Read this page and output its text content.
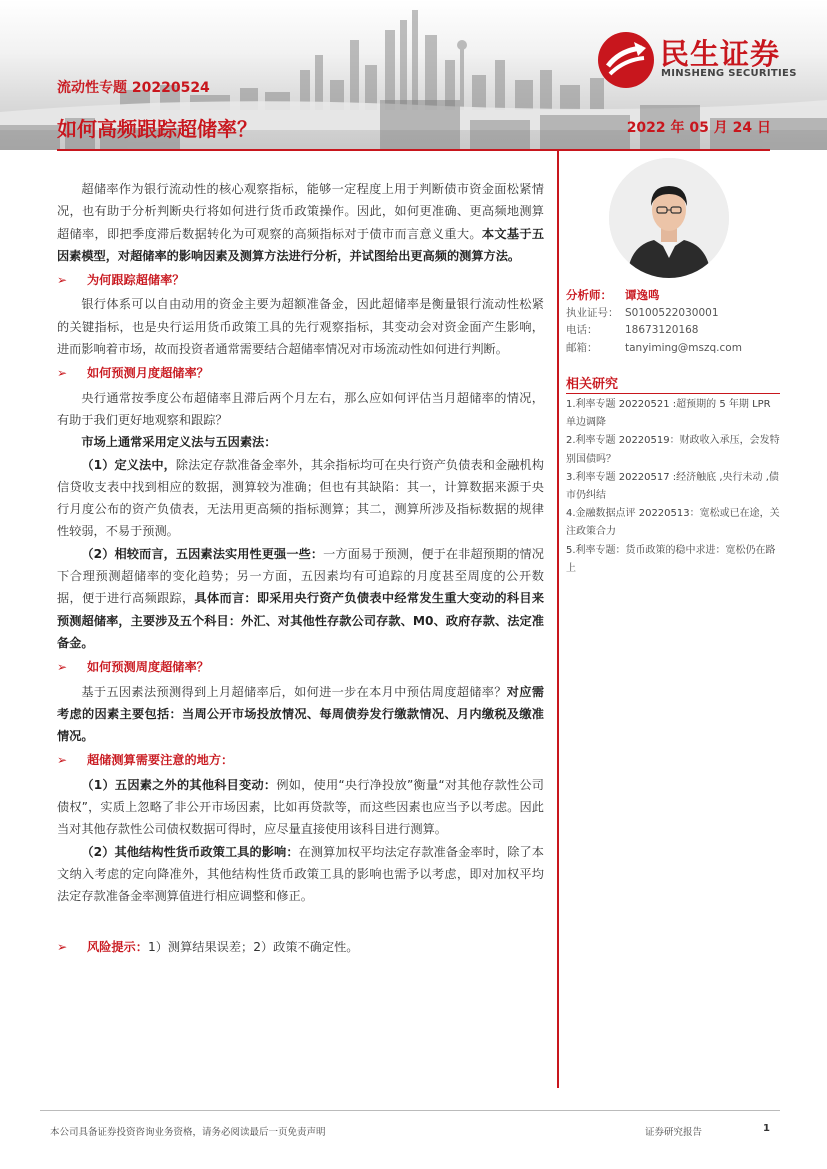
民生证券
MINSHENG SECURITIES
流动性专题 20220524
如何高频跟踪超储率？	2022 年 05 月 24 日

超储率作为银行流动性的核心观察指标，能够一定程度上用于判断债市资金面松紧情况，也有助于分析判断央行将如何进行货币政策操作。因此，如何更准确、更高频地测算超储率，即把季度滞后数据转化为可观察的高频指标对于债市而言意义重大。本文基于五因素模型，对超储率的影响因素及测算方法进行分析，并试图给出更高频的测算方法。

➢ 为何跟踪超储率？

银行体系可以自由动用的资金主要为超额准备金，因此超储率是衡量银行流动性松紧的关键指标，也是央行运用货币政策工具的先行观察指标，其变动会对资金面产生影响，进而影响着市场，故而投资者通常需要结合超储率情况对市场流动性如何进行判断。

➢ 如何预测月度超储率？

央行通常按季度公布超储率且滞后两个月左右，那么应如何评估当月超储率的情况，有助于我们更好地观察和跟踪？

市场上通常采用定义法与五因素法：

（1）定义法中，除法定存款准备金率外，其余指标均可在央行资产负债表和金融机构信贷收支表中找到相应的数据，测算较为准确；但也有其缺陷：其一，计算数据来源于央行月度公布的资产负债表，无法用更高频的指标测算；其二，测算所涉及指标数据的规律性较弱，不易于预测。

（2）相较而言，五因素法实用性更强一些：一方面易于预测，便于在非超预期的情况下合理预测超储率的变化趋势；另一方面，五因素均有可追踪的月度甚至周度的公开数据，便于进行高频跟踪，具体而言：即采用央行资产负债表中经常发生重大变动的科目来预测超储率，主要涉及五个科目：外汇、对其他性存款公司存款、M0、政府存款、法定准备金。

➢ 如何预测周度超储率？

基于五因素法预测得到上月超储率后，如何进一步在本月中预估周度超储率？对应需考虑的因素主要包括：当周公开市场投放情况、每周债券发行缴款情况、月内缴税及缴准情况。

➢ 超储测算需要注意的地方：

（1）五因素之外的其他科目变动：例如，使用“央行净投放”衡量“对其他存款性公司债权”，实质上忽略了非公开市场因素，比如再贷款等，而这些因素也应当予以考虑。因此当对其他存款性公司债权数据可得时，应尽量直接使用该科目进行测算。

（2）其他结构性货币政策工具的影响：在测算加权平均法定存款准备金率时，除了本文纳入考虑的定向降准外，其他结构性货币政策工具的影响也需予以考虑，即对加权平均法定存款准备金率测算值进行相应调整和修正。

➢ 风险提示：1）测算结果误差；2）政策不确定性。

分析师： 谭逸鸣
执业证号： S0100522030001
电话：	18673120168
邮箱：	tanyiming@mszq.com
相关研究
1.利率专题 20220521 :超预期的 5 年期 LPR 单边调降
2.利率专题 20220519：财政收入承压，会发特别国债吗？
3.利率专题 20220517 :经济触底 ,央行未动 ,债市仍纠结
4.金融数据点评 20220513：宽松或已在途，关注政策合力
5.利率专题：货币政策的稳中求进：宽松仍在路上
本公司具备证券投资咨询业务资格，请务必阅读最后一页免责声明	证券研究报告	1
